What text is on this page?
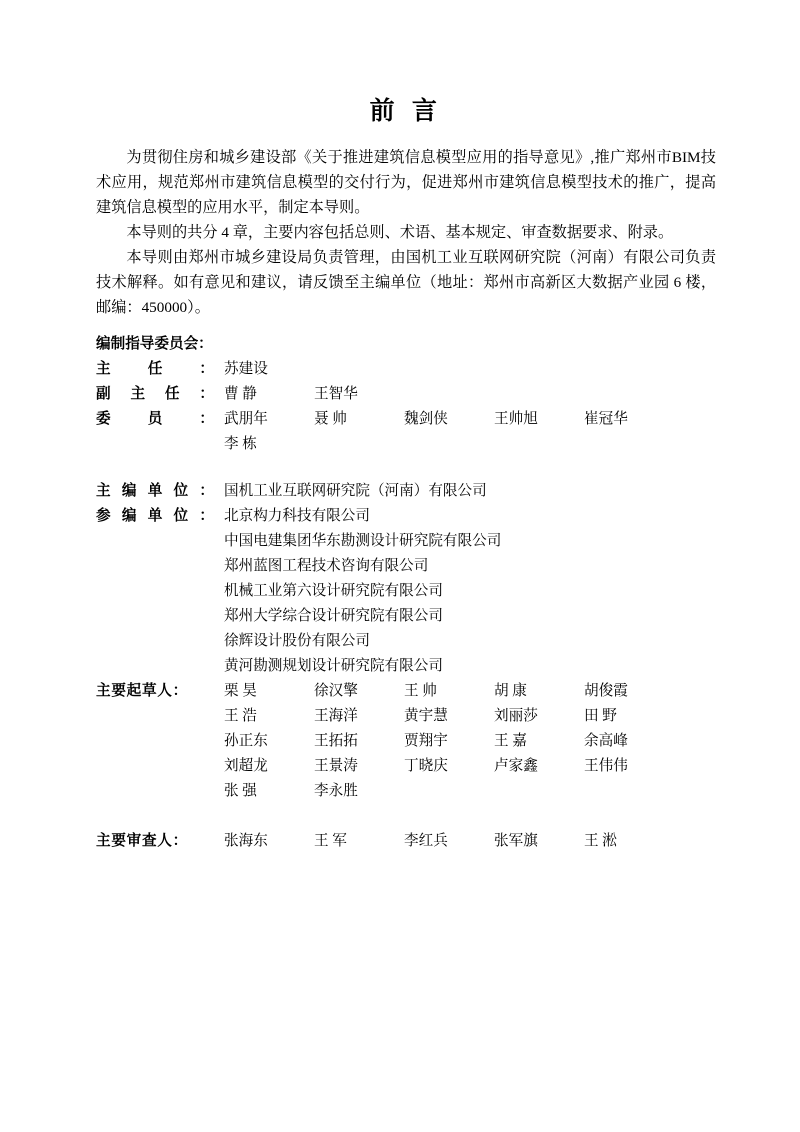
前 言

为贯彻住房和城乡建设部《关于推进建筑信息模型应用的指导意见》,推广郑州市BIM技术应用，规范郑州市建筑信息模型的交付行为，促进郑州市建筑信息模型技术的推广，提高建筑信息模型的应用水平，制定本导则。

本导则的共分 4 章，主要内容包括总则、术语、基本规定、审查数据要求、附录。

本导则由郑州市城乡建设局负责管理，由国机工业互联网研究院（河南）有限公司负责技术解释。如有意见和建议，请反馈至主编单位（地址：郑州市高新区大数据产业园 6 楼，邮编：450000）。

编制指导委员会：					

主 任 ：	苏建设				

副 主 任 ：	曹 静	王智华			

委 员 ：	武朋年	聂 帅	魏剑侠	王帅旭	崔冠华
	李 栋				

主 编 单 位 ：	国机工业互联网研究院（河南）有限公司				

参 编 单 位 ：	北京构力科技有限公司				
	中国电建集团华东勘测设计研究院有限公司				
	郑州蓝图工程技术咨询有限公司				
	机械工业第六设计研究院有限公司				
	郑州大学综合设计研究院有限公司				
	徐辉设计股份有限公司				
	黄河勘测规划设计研究院有限公司				
主要起草人：	栗 昊	徐汉擎	王 帅	胡 康	胡俊霞
	王 浩	王海洋	黄宇慧	刘丽莎	田 野
	孙正东	王拓拓	贾翔宇	王 嘉	余高峰
	刘超龙	王景涛	丁晓庆	卢家鑫	王伟伟
	张 强	李永胜			

主要审查人：	张海东	王 军	李红兵	张军旗	王 淞
